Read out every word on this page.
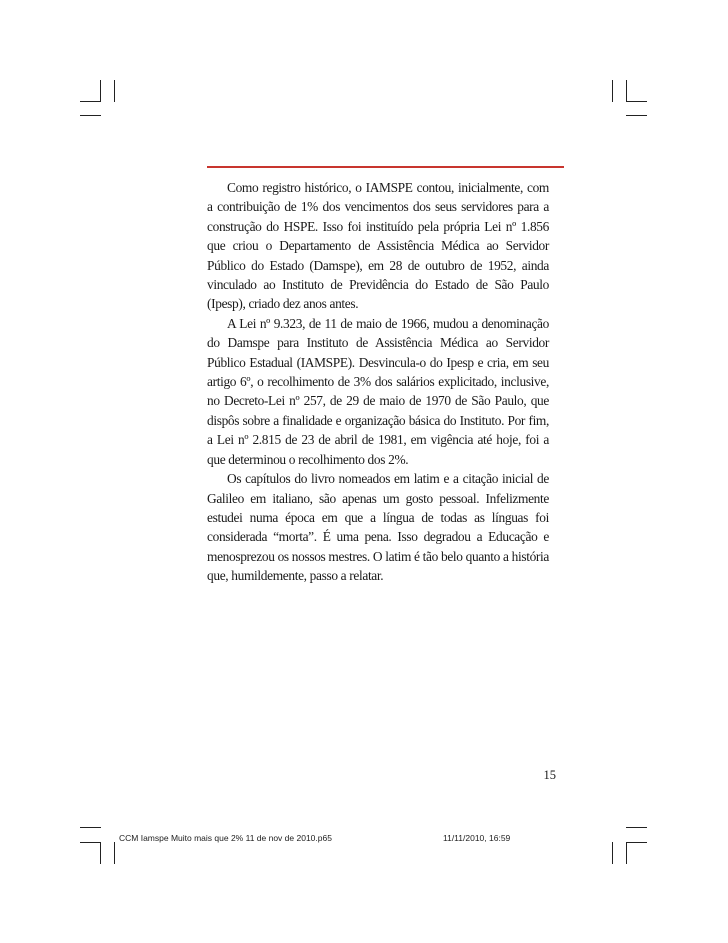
Como registro histórico, o IAMSPE contou, inicialmente, com a contribuição de 1% dos vencimentos dos seus servidores para a construção do HSPE. Isso foi instituído pela própria Lei nº 1.856 que criou o Departamento de Assistência Médica ao Servidor Público do Estado (Damspe), em 28 de outubro de 1952, ainda vinculado ao Instituto de Previdência do Estado de São Paulo (Ipesp), criado dez anos antes.

A Lei nº 9.323, de 11 de maio de 1966, mudou a denominação do Damspe para Instituto de Assistência Médica ao Servidor Público Estadual (IAMSPE). Desvincula-o do Ipesp e cria, em seu artigo 6º, o recolhimento de 3% dos salários explicitado, inclusive, no Decreto-Lei nº 257, de 29 de maio de 1970 de São Paulo, que dispôs sobre a finalidade e organização básica do Instituto. Por fim, a Lei nº 2.815 de 23 de abril de 1981, em vigência até hoje, foi a que determinou o recolhimento dos 2%.

Os capítulos do livro nomeados em latim e a citação inicial de Galileo em italiano, são apenas um gosto pessoal. Infelizmente estudei numa época em que a língua de todas as línguas foi considerada “morta”. É uma pena. Isso degradou a Educação e menosprezou os nossos mestres. O latim é tão belo quanto a história que, humildemente, passo a relatar.

15
CCM Iamspe Muito mais que 2% 11 de nov de 2010.p65	11/11/2010, 16:59
